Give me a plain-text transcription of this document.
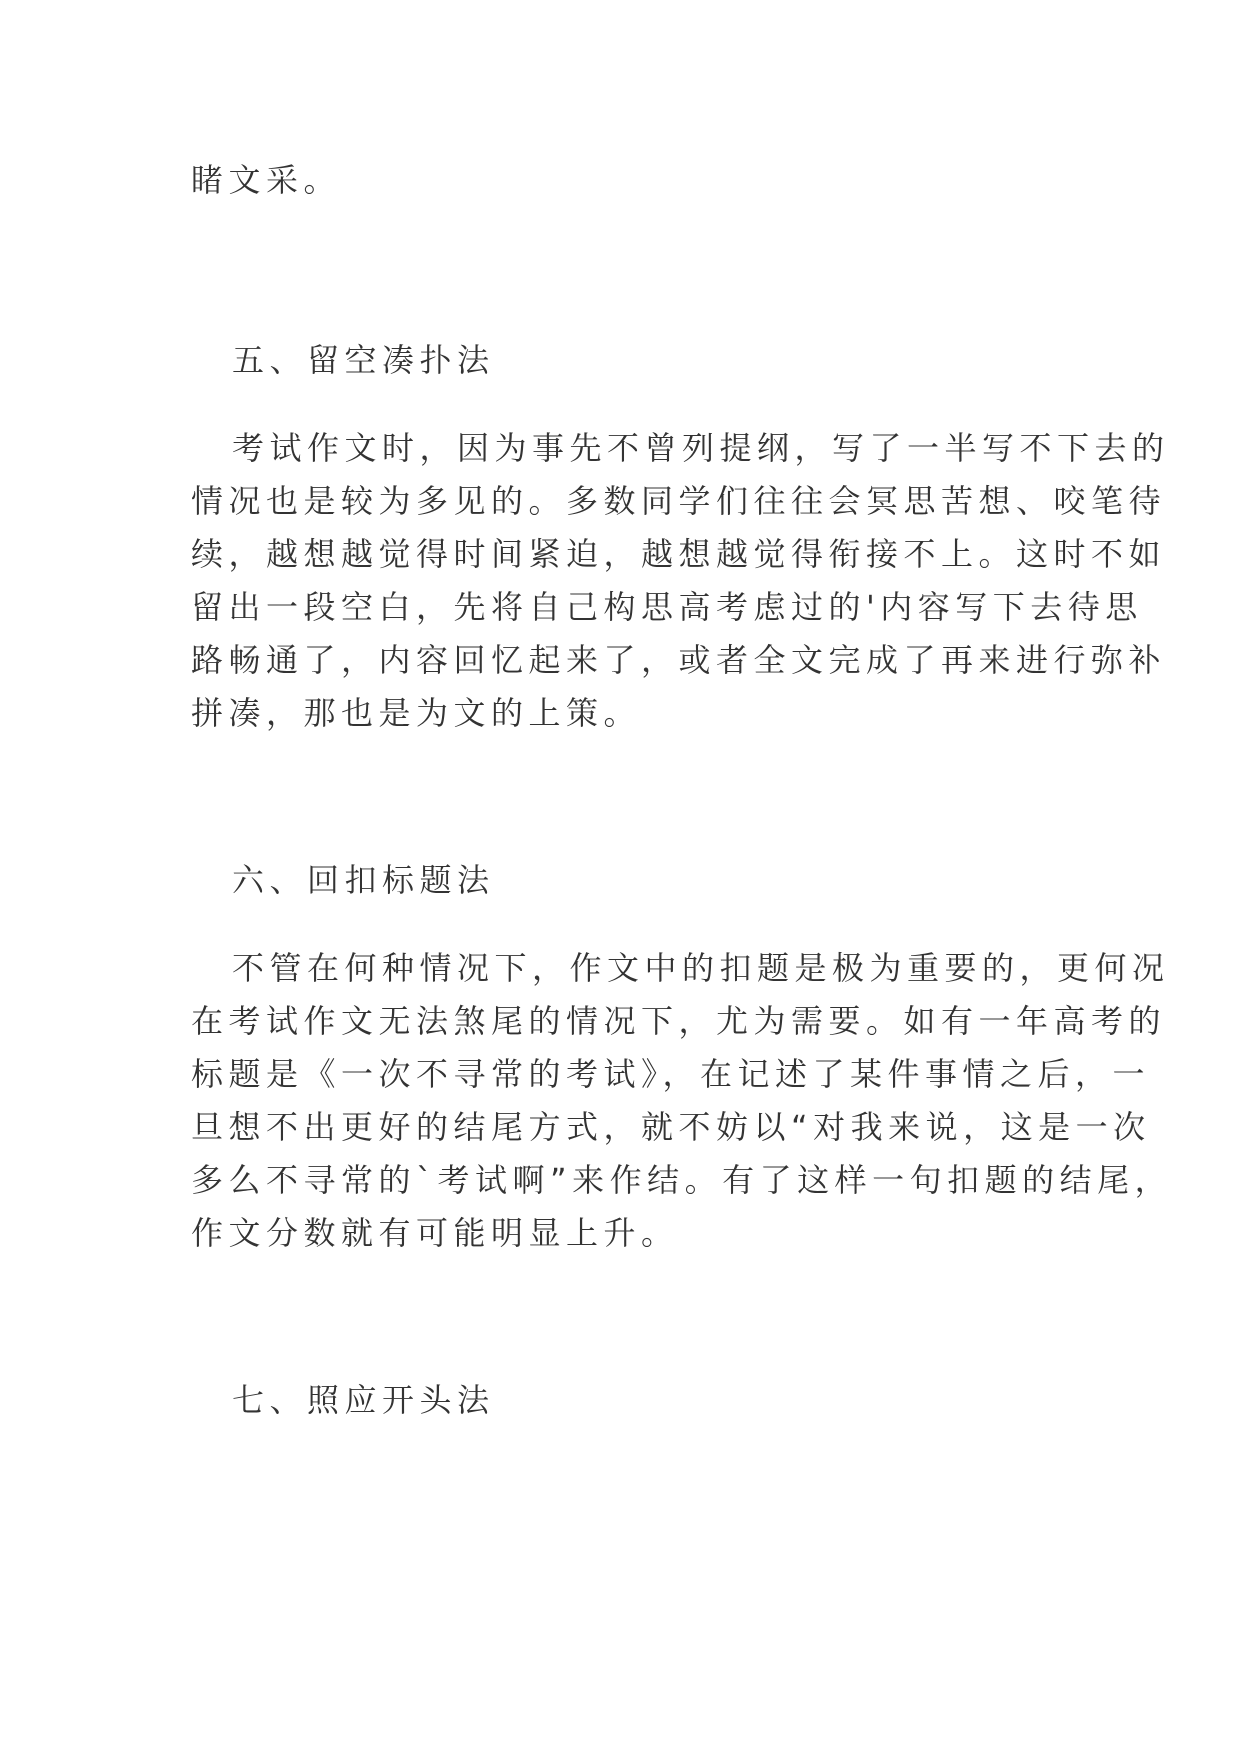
睹文采。

五、留空凑扑法

考试作文时，因为事先不曾列提纲，写了一半写不下去的

情况也是较为多见的。多数同学们往往会冥思苦想、咬笔待

续，越想越觉得时间紧迫，越想越觉得衔接不上。这时不如

留出一段空白，先将自己构思高考虑过的'内容写下去待思

路畅通了，内容回忆起来了，或者全文完成了再来进行弥补

拼凑，那也是为文的上策。

六、回扣标题法

不管在何种情况下，作文中的扣题是极为重要的，更何况

在考试作文无法煞尾的情况下，尤为需要。如有一年高考的

标题是《一次不寻常的考试》，在记述了某件事情之后，一

旦想不出更好的结尾方式，就不妨以“对我来说，这是一次

多么不寻常的`考试啊”来作结。有了这样一句扣题的结尾，

作文分数就有可能明显上升。

七、照应开头法
